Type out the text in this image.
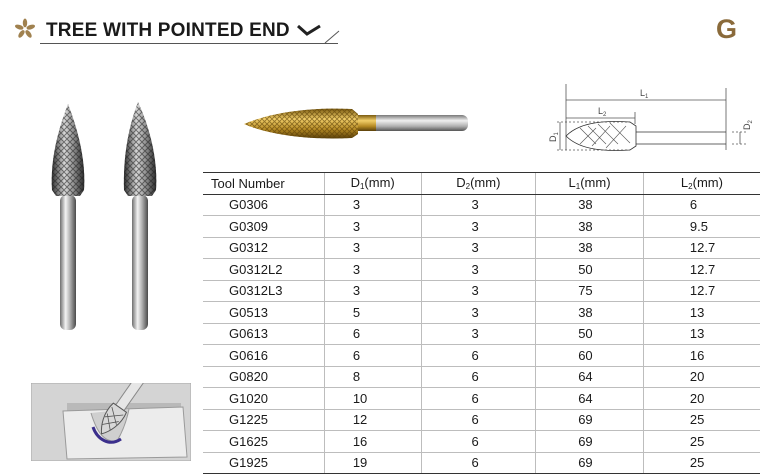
TREE WITH POINTED END	G
$L_1$
$L_2$
$D_1$
$D_2$
Tool Number	$D_1(mm)$	$D_2(mm)$	$L_1(mm)$	$L_2(mm)$
G0306	3	3	38	6
G0309	3	3	38	9.5
G0312	3	3	38	12.7
G0312L2	3	3	50	12.7
G0312L3	3	3	75	12.7
G0513	5	3	38	13
G0613	6	3	50	13
G0616	6	6	60	16
G0820	8	6	64	20
G1020	10	6	64	20
G1225	12	6	69	25
G1625	16	6	69	25
G1925	19	6	69	25
